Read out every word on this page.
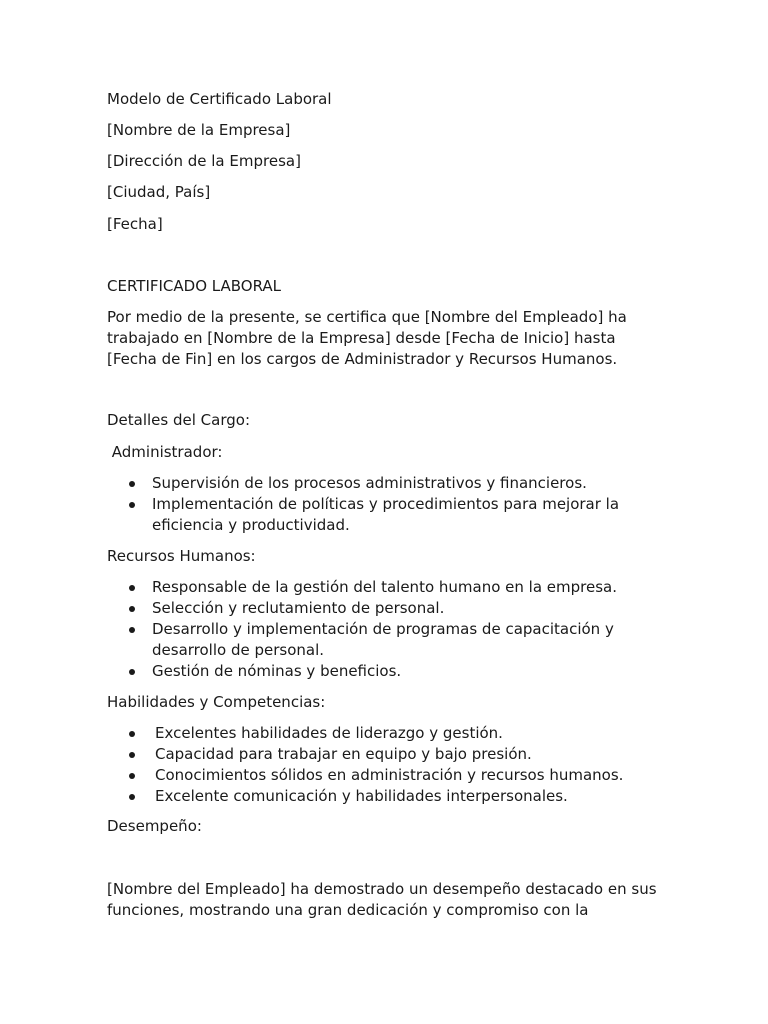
Modelo de Certificado Laboral

[Nombre de la Empresa]

[Dirección de la Empresa]

[Ciudad, País]

[Fecha]

CERTIFICADO LABORAL

Por medio de la presente, se certifica que [Nombre del Empleado] ha trabajado en [Nombre de la Empresa] desde [Fecha de Inicio] hasta [Fecha de Fin] en los cargos de Administrador y Recursos Humanos.

Detalles del Cargo:

Administrador:

Supervisión de los procesos administrativos y financieros.
Implementación de políticas y procedimientos para mejorar la eficiencia y productividad.

Recursos Humanos:

Responsable de la gestión del talento humano en la empresa.
Selección y reclutamiento de personal.
Desarrollo y implementación de programas de capacitación y desarrollo de personal.
Gestión de nóminas y beneficios.

Habilidades y Competencias:

Excelentes habilidades de liderazgo y gestión.
Capacidad para trabajar en equipo y bajo presión.
Conocimientos sólidos en administración y recursos humanos.
Excelente comunicación y habilidades interpersonales.

Desempeño:

[Nombre del Empleado] ha demostrado un desempeño destacado en sus funciones, mostrando una gran dedicación y compromiso con la
